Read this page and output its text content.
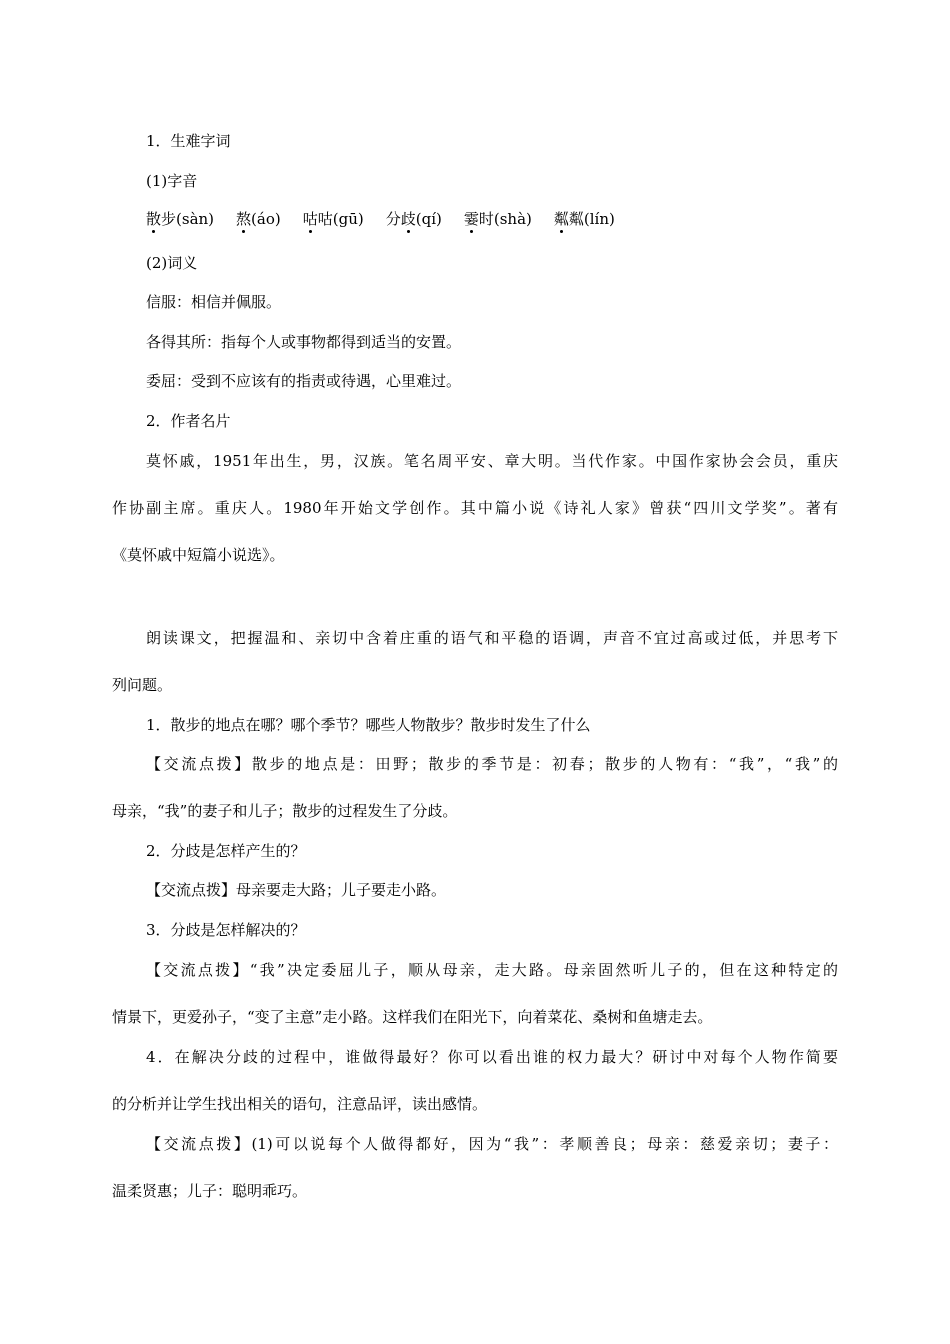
1．生难字词
(1)字音
散步(sàn) 熬(áo) 咕咕(gū) 分歧(qí) 霎时(shà) 粼粼(lín)
(2)词义
信服：相信并佩服。
各得其所：指每个人或事物都得到适当的安置。
委屈：受到不应该有的指责或待遇，心里难过。
2．作者名片
莫怀戚，1951年出生，男，汉族。笔名周平安、章大明。当代作家。中国作家协会会员，重庆
作协副主席。重庆人。1980年开始文学创作。其中篇小说《诗礼人家》曾获“四川文学奖”。著有
《莫怀戚中短篇小说选》。
朗读课文，把握温和、亲切中含着庄重的语气和平稳的语调，声音不宜过高或过低，并思考下
列问题。
1．散步的地点在哪？哪个季节？哪些人物散步？散步时发生了什么
【交流点拨】散步的地点是：田野；散步的季节是：初春；散步的人物有：“我”，“我”的
母亲，“我”的妻子和儿子；散步的过程发生了分歧。
2．分歧是怎样产生的？
【交流点拨】母亲要走大路；儿子要走小路。
3．分歧是怎样解决的？
【交流点拨】“我”决定委屈儿子，顺从母亲，走大路。母亲固然听儿子的，但在这种特定的
情景下，更爱孙子，“变了主意”走小路。这样我们在阳光下，向着菜花、桑树和鱼塘走去。
4．在解决分歧的过程中，谁做得最好？你可以看出谁的权力最大？研讨中对每个人物作简要
的分析并让学生找出相关的语句，注意品评，读出感情。
【交流点拨】(1)可以说每个人做得都好，因为“我”：孝顺善良；母亲：慈爱亲切；妻子：
温柔贤惠；儿子：聪明乖巧。
